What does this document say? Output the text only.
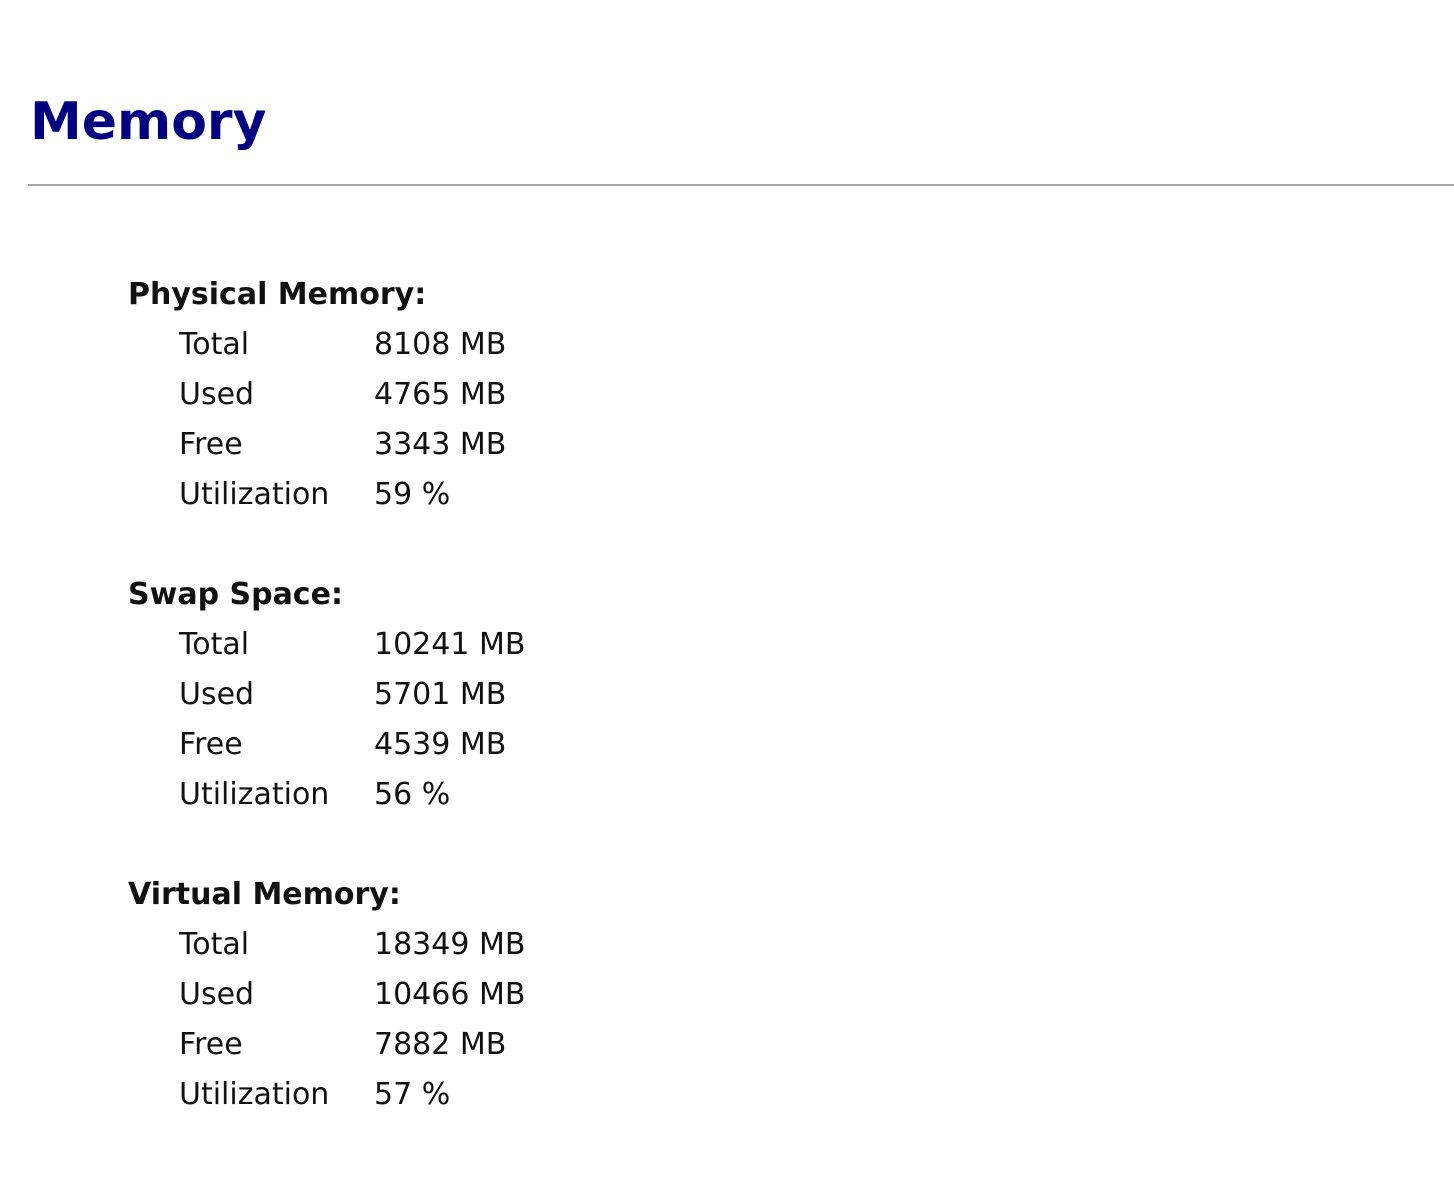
Memory
Physical Memory:
Total	8108 MB
Used	4765 MB
Free	3343 MB
Utilization 59 %
Swap Space:
Total	10241 MB
Used	5701 MB
Free	4539 MB
Utilization 56 %
Virtual Memory:
Total	18349 MB
Used	10466 MB
Free	7882 MB
Utilization 57 %
